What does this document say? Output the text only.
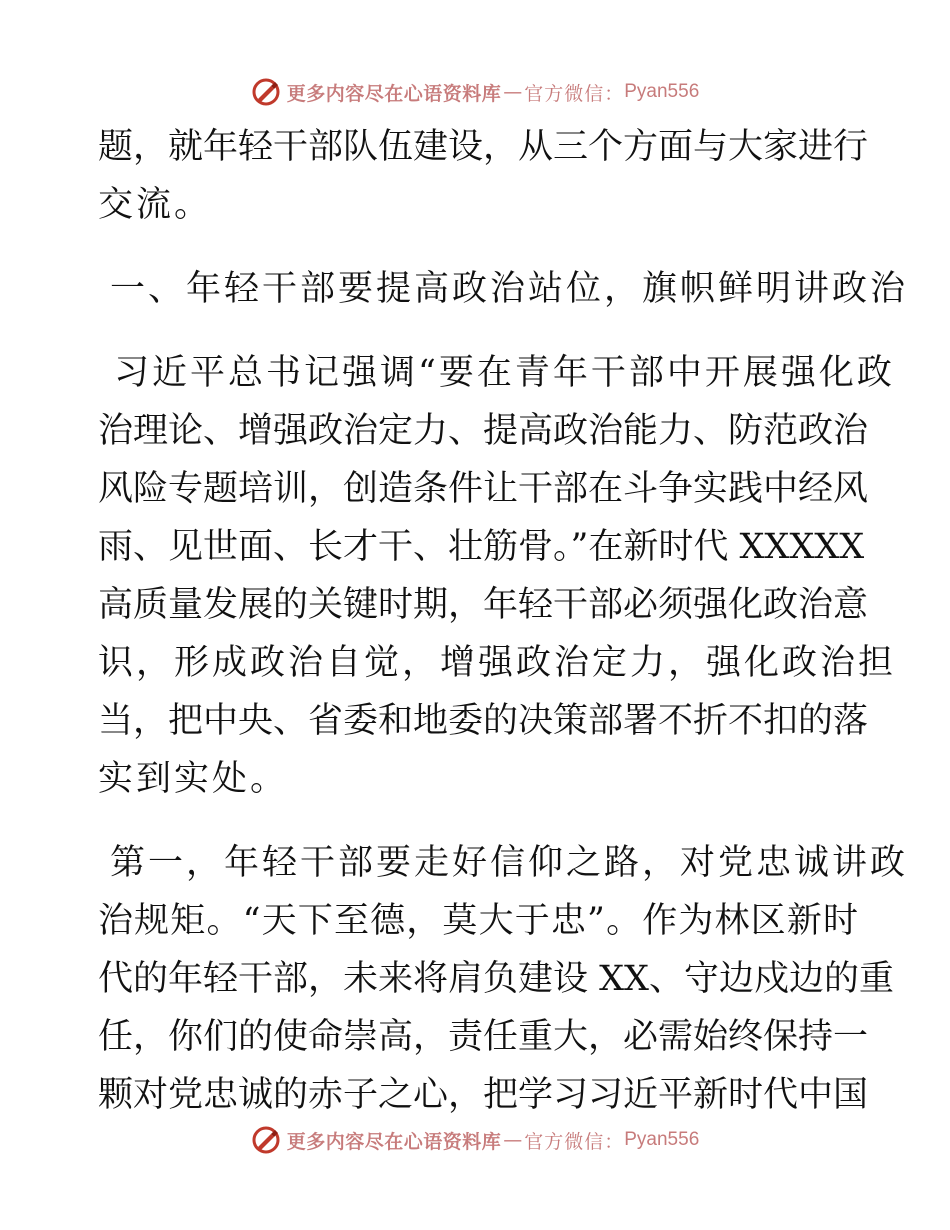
更多内容尽在心语资料库 — 官方微信： Pyan556
题，就年轻干部队伍建设，从三个方面与大家进行
交流。
一、年轻干部要提高政治站位，旗帜鲜明讲政治
习近平总书记强调“要在青年干部中开展强化政
治理论、增强政治定力、提高政治能力、防范政治
风险专题培训，创造条件让干部在斗争实践中经风
雨、见世面、长才干、壮筋骨。”在新时代 XXXXX
高质量发展的关键时期，年轻干部必须强化政治意
识，形成政治自觉，增强政治定力，强化政治担
当，把中央、省委和地委的决策部署不折不扣的落
实到实处。
第一，年轻干部要走好信仰之路，对党忠诚讲政
治规矩。“天下至德，莫大于忠”。作为林区新时
代的年轻干部，未来将肩负建设 XX、守边戍边的重
任，你们的使命崇高，责任重大，必需始终保持一
颗对党忠诚的赤子之心，把学习习近平新时代中国
更多内容尽在心语资料库 — 官方微信： Pyan556
